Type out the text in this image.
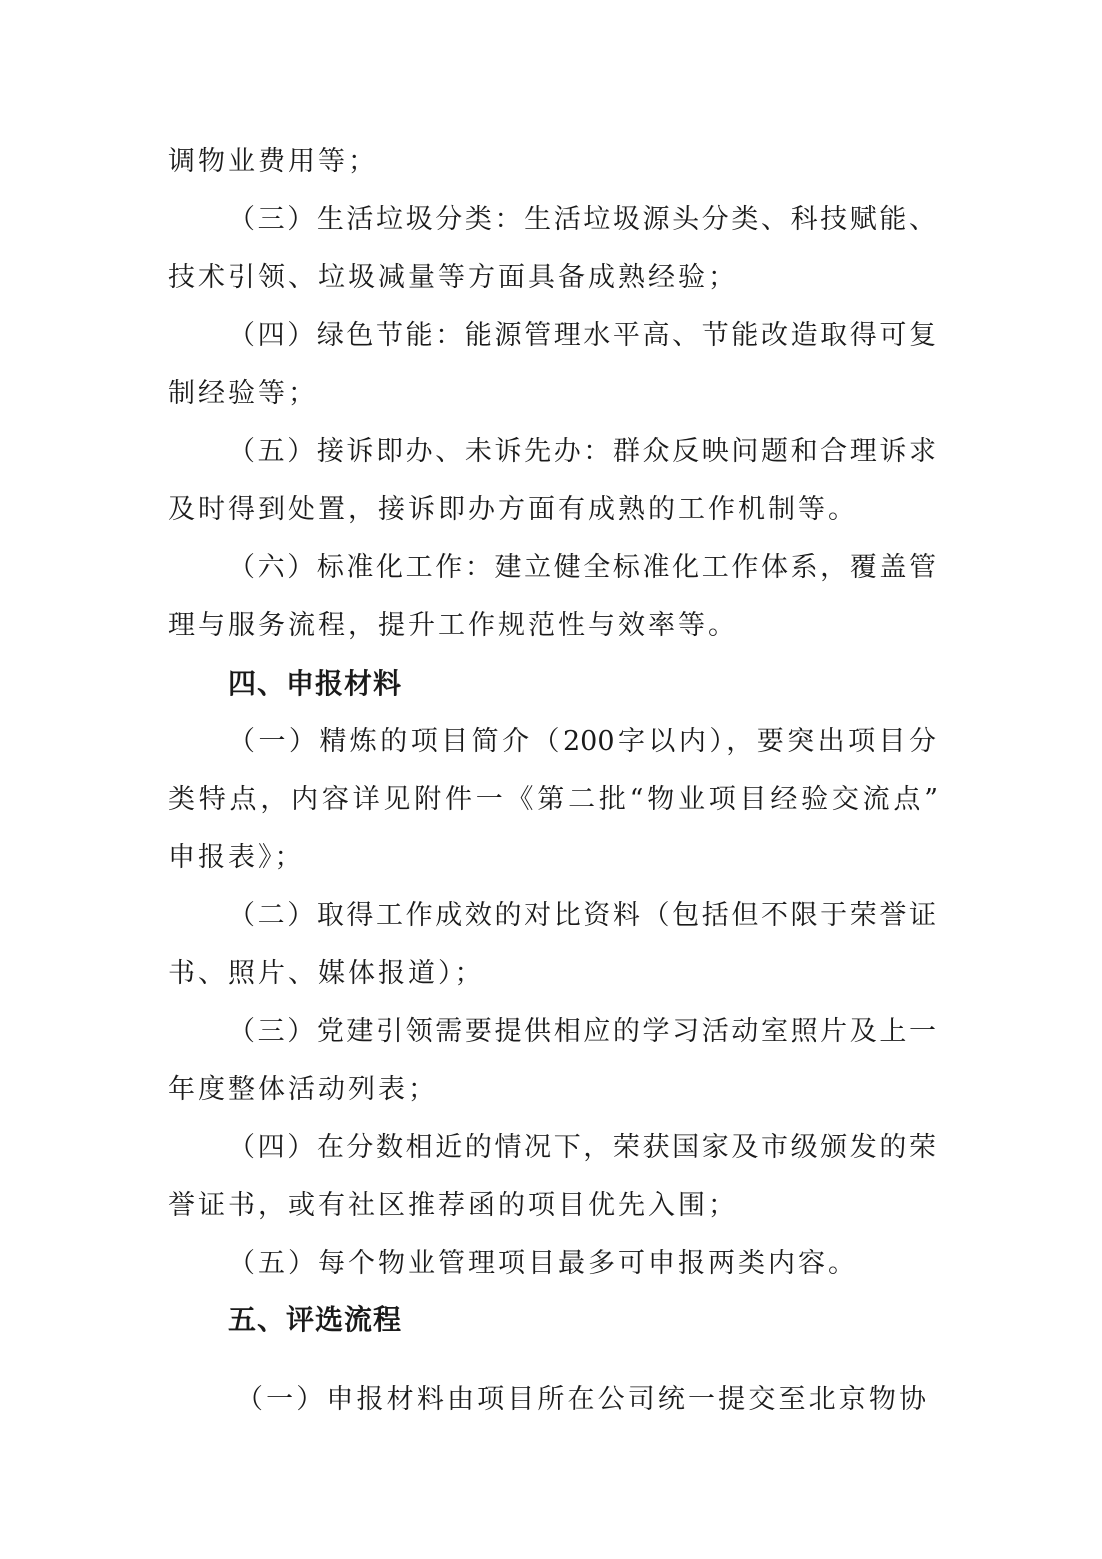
调物业费用等；
（三）生活垃圾分类：生活垃圾源头分类、科技赋能、
技术引领、垃圾减量等方面具备成熟经验；
（四）绿色节能：能源管理水平高、节能改造取得可复
制经验等；
（五）接诉即办、未诉先办：群众反映问题和合理诉求
及时得到处置，接诉即办方面有成熟的工作机制等。
（六）标准化工作：建立健全标准化工作体系，覆盖管
理与服务流程，提升工作规范性与效率等。
四、申报材料
（一）精炼的项目简介（200字以内），要突出项目分
类特点，内容详见附件一《第二批“物业项目经验交流点”
申报表》；
（二）取得工作成效的对比资料（包括但不限于荣誉证
书、照片、媒体报道）；
（三）党建引领需要提供相应的学习活动室照片及上一
年度整体活动列表；
（四）在分数相近的情况下，荣获国家及市级颁发的荣
誉证书，或有社区推荐函的项目优先入围；
（五）每个物业管理项目最多可申报两类内容。
五、评选流程
（一）申报材料由项目所在公司统一提交至北京物协
